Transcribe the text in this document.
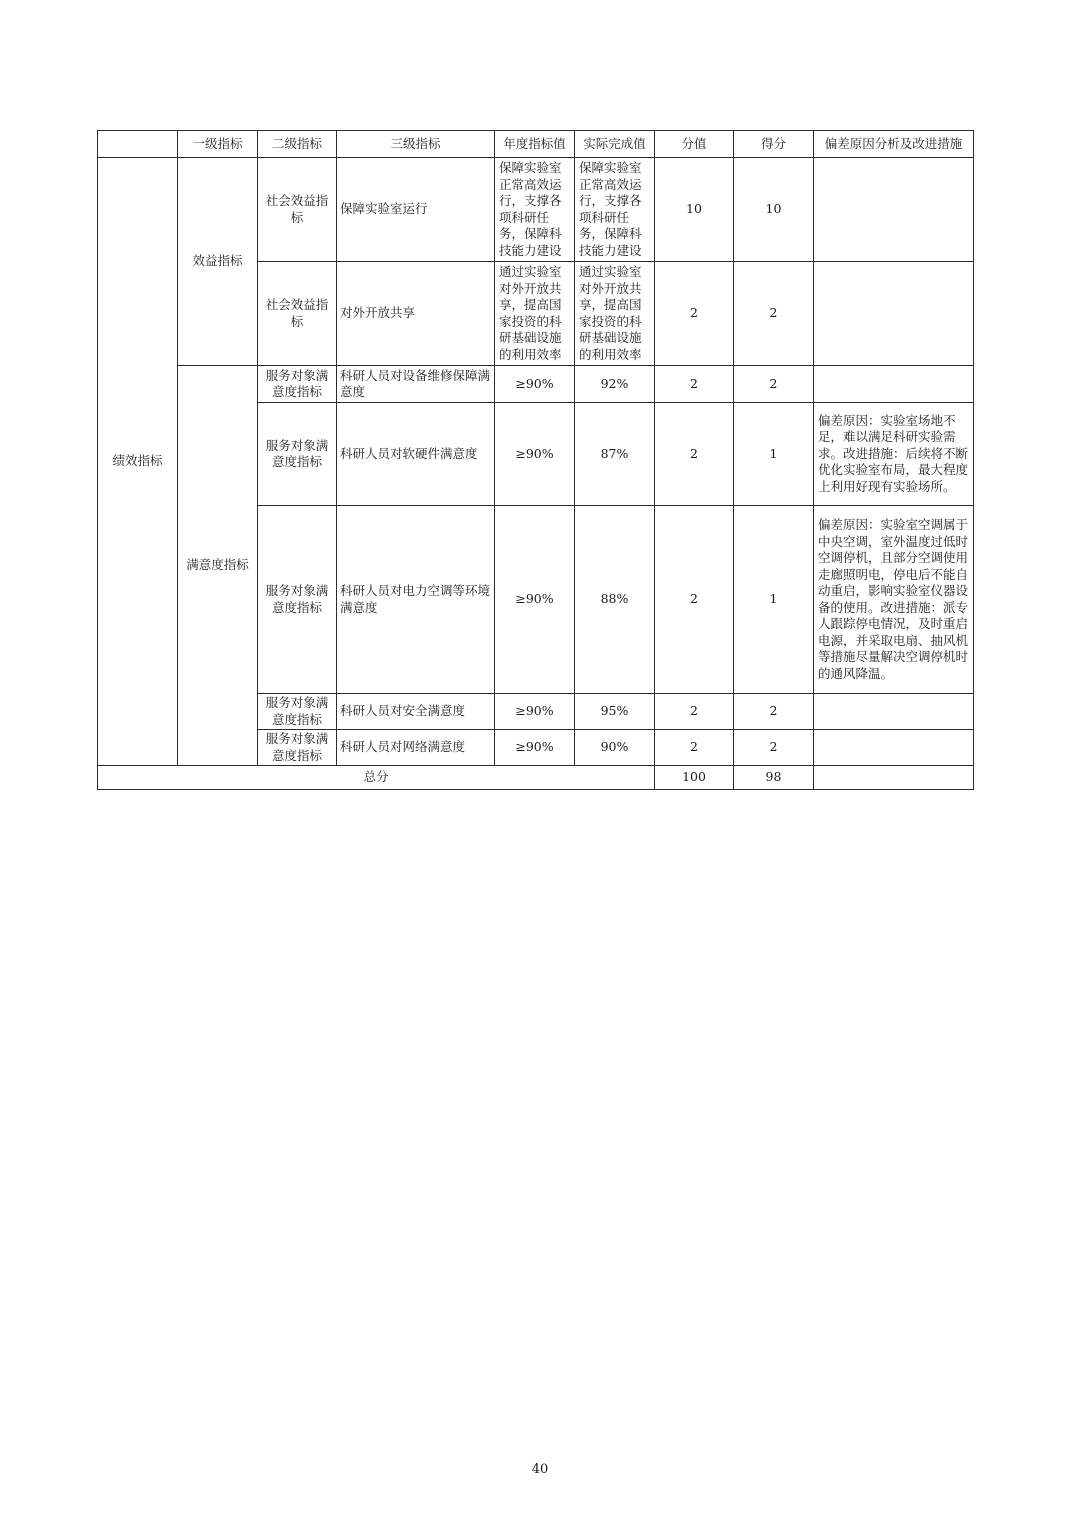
	一级指标	二级指标	三级指标	年度指标值	实际完成值	分值	得分	偏差原因分析及改进措施
绩效指标	效益指标	社会效益指标	保障实验室运行	保障实验室正常高效运行，支撑各项科研任务，保障科技能力建设	保障实验室正常高效运行，支撑各项科研任务，保障科技能力建设	10	10	
		社会效益指标	对外开放共享	通过实验室对外开放共享，提高国家投资的科研基础设施的利用效率	通过实验室对外开放共享，提高国家投资的科研基础设施的利用效率	2	2	
	满意度指标	服务对象满意度指标	科研人员对设备维修保障满意度	≥90%	92%	2	2	
		服务对象满意度指标	科研人员对软硬件满意度	≥90%	87%	2	1	偏差原因：实验室场地不足，难以满足科研实验需求。改进措施：后续将不断优化实验室布局，最大程度上利用好现有实验场所。
		服务对象满意度指标	科研人员对电力空调等环境满意度	≥90%	88%	2	1	偏差原因：实验室空调属于中央空调，室外温度过低时空调停机，且部分空调使用走廊照明电，停电后不能自动重启，影响实验室仪器设备的使用。改进措施：派专人跟踪停电情况，及时重启电源，并采取电扇、抽风机等措施尽量解决空调停机时的通风降温。
		服务对象满意度指标	科研人员对安全满意度	≥90%	95%	2	2	
		服务对象满意度指标	科研人员对网络满意度	≥90%	90%	2	2	
总分						100	98	
40
